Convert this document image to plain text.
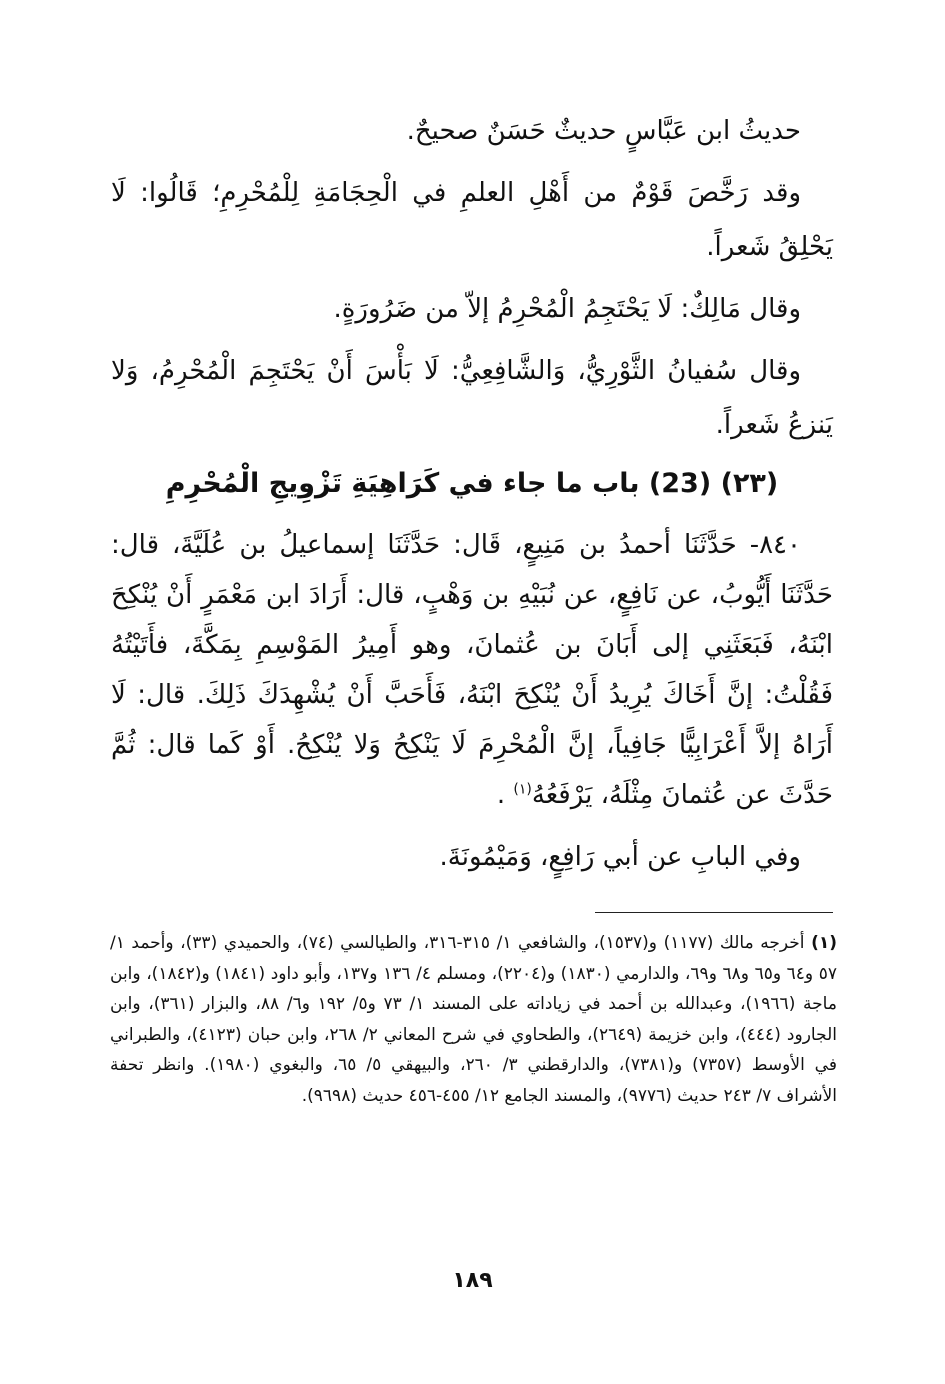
حديثُ ابن عَبَّاسٍ حديثٌ حَسَنٌ صحيحٌ.

وقد رَخَّصَ قَوْمٌ من أَهْلِ العلمِ في الْحِجَامَةِ لِلْمُحْرِمِ؛ قَالُوا: لَا يَحْلِقُ شَعراً.

وقال مَالِكٌ: لَا يَحْتَجِمُ الْمُحْرِمُ إلاّ من ضَرُورَةٍ.

وقال سُفيانُ الثَّوْرِيُّ، وَالشَّافِعِيُّ: لَا بَأْسَ أَنْ يَحْتَجِمَ الْمُحْرِمُ، وَلا يَنزعُ شَعراً.

(٢٣) (23) باب ما جاء في كَرَاهِيَةِ تَزْوِيجِ الْمُحْرِمِ

٨٤٠- حَدَّثَنَا أحمدُ بن مَنِيعٍ، قَال: حَدَّثَنَا إسماعيلُ بن عُلَيَّةَ، قال: حَدَّثَنَا أَيُّوبُ، عن نَافِعٍ، عن نُبَيْهِ بن وَهْبٍ، قال: أَرَادَ ابن مَعْمَرٍ أَنْ يُنْكِحَ ابْنَهُ، فَبَعَثَنِي إلى أَبَانَ بن عُثمانَ، وهو أَمِيرُ المَوْسِمِ بِمَكَّةَ، فأَتَيْتُهُ فَقُلْتُ: إنَّ أَخَاكَ يُرِيدُ أَنْ يُنْكِحَ ابْنَهُ، فَأَحَبَّ أَنْ يُشْهِدَكَ ذَلِكَ. قال: لَا أَرَاهُ إلاَّ أَعْرَابِيًّا جَافِياً، إنَّ الْمُحْرِمَ لَا يَنْكِحُ وَلا يُنْكِحُ. أَوْ كَما قال: ثُمَّ حَدَّثَ عن عُثمانَ مِثْلَهُ، يَرْفَعُهُ$^{(١)}$ .

وفي البابِ عن أبي رَافِعٍ، وَمَيْمُونَةَ.

(١) أخرجه مالك (١١٧٧) و(١٥٣٧)، والشافعي ١/ ٣١٥-٣١٦، والطيالسي (٧٤)، والحميدي (٣٣)، وأحمد ١/ ٥٧ و٦٤ و٦٥ و٦٨ و٦٩، والدارمي (١٨٣٠) و(٢٢٠٤)، ومسلم ٤/ ١٣٦ و١٣٧، وأبو داود (١٨٤١) و(١٨٤٢)، وابن ماجة (١٩٦٦)، وعبدالله بن أحمد في زياداته على المسند ١/ ٧٣ و٥/ ١٩٢ و٦/ ٨٨، والبزار (٣٦١)، وابن الجارود (٤٤٤)، وابن خزيمة (٢٦٤٩)، والطحاوي في شرح المعاني ٢/ ٢٦٨، وابن حبان (٤١٢٣)، والطبراني في الأوسط (٧٣٥٧) و(٧٣٨١)، والدارقطني ٣/ ٢٦٠، والبيهقي ٥/ ٦٥، والبغوي (١٩٨٠). وانظر تحفة الأشراف ٧/ ٢٤٣ حديث (٩٧٧٦)، والمسند الجامع ١٢/ ٤٥٥-٤٥٦ حديث (٩٦٩٨).

١٨٩
